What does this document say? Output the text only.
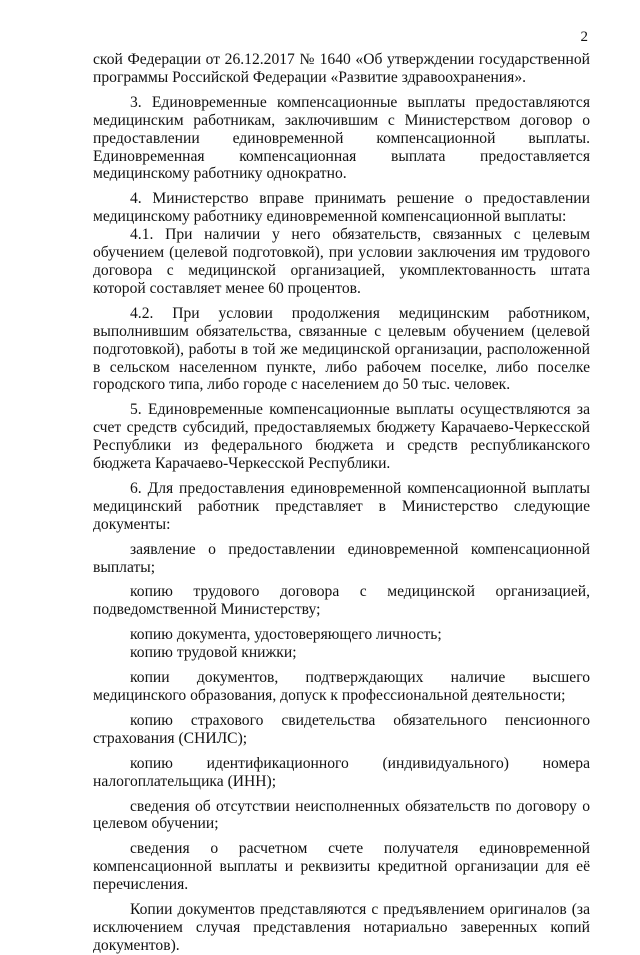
2

ской Федерации от 26.12.2017 № 1640 «Об утверждении государственной программы Российской Федерации «Развитие здравоохранения».

3. Единовременные компенсационные выплаты предоставляются медицинским работникам, заключившим с Министерством договор о предоставлении единовременной компенсационной выплаты. Единовременная компенсационная выплата предоставляется медицинскому работнику однократно.

4. Министерство вправе принимать решение о предоставлении медицинскому работнику единовременной компенсационной выплаты:

4.1. При наличии у него обязательств, связанных с целевым обучением (целевой подготовкой), при условии заключения им трудового договора с медицинской организацией, укомплектованность штата которой составляет менее 60 процентов.

4.2. При условии продолжения медицинским работником, выполнившим обязательства, связанные с целевым обучением (целевой подготовкой), работы в той же медицинской организации, расположенной в сельском населенном пункте, либо рабочем поселке, либо поселке городского типа, либо городе с населением до 50 тыс. человек.

5. Единовременные компенсационные выплаты осуществляются за счет средств субсидий, предоставляемых бюджету Карачаево-Черкесской Республики из федерального бюджета и средств республиканского бюджета Карачаево-Черкесской Республики.

6. Для предоставления единовременной компенсационной выплаты медицинский работник представляет в Министерство следующие документы:

заявление о предоставлении единовременной компенсационной выплаты;

копию трудового договора с медицинской организацией, подведомственной Министерству;

копию документа, удостоверяющего личность;

копию трудовой книжки;

копии документов, подтверждающих наличие высшего медицинского образования, допуск к профессиональной деятельности;

копию страхового свидетельства обязательного пенсионного страхования (СНИЛС);

копию идентификационного (индивидуального) номера налогоплательщика (ИНН);

сведения об отсутствии неисполненных обязательств по договору о целевом обучении;

сведения о расчетном счете получателя единовременной компенсационной выплаты и реквизиты кредитной организации для её перечисления.

Копии документов представляются с предъявлением оригиналов (за исключением случая представления нотариально заверенных копий документов).
